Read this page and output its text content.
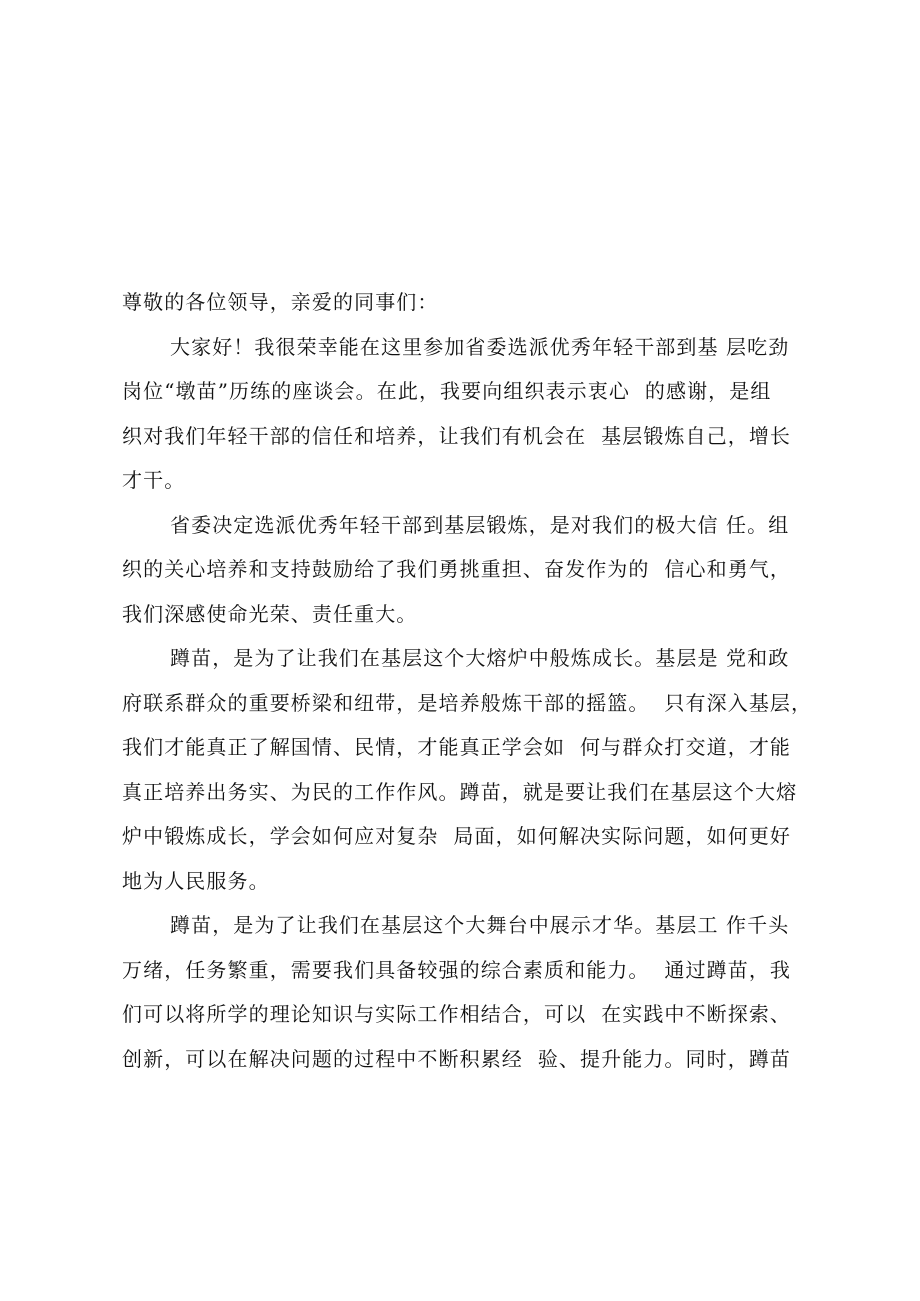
尊敬的各位领导，亲爱的同事们：
大家好！我很荣幸能在这里参加省委选派优秀年轻干部到基 层吃劲
岗位“墩苗”历练的座谈会。在此，我要向组织表示衷心  的感谢，是组
织对我们年轻干部的信任和培养，让我们有机会在  基层锻炼自己，增长
才干。
省委决定选派优秀年轻干部到基层锻炼，是对我们的极大信 任。组
织的关心培养和支持鼓励给了我们勇挑重担、奋发作为的  信心和勇气，
我们深感使命光荣、责任重大。
蹲苗，是为了让我们在基层这个大熔炉中般炼成长。基层是 党和政
府联系群众的重要桥梁和纽带，是培养般炼干部的摇篮。  只有深入基层，
我们才能真正了解国情、民情，才能真正学会如  何与群众打交道，才能
真正培养出务实、为民的工作作风。蹲苗，就是要让我们在基层这个大熔
炉中锻炼成长，学会如何应对复杂  局面，如何解决实际问题，如何更好
地为人民服务。
蹲苗，是为了让我们在基层这个大舞台中展示才华。基层工 作千头
万绪，任务繁重，需要我们具备较强的综合素质和能力。  通过蹲苗，我
们可以将所学的理论知识与实际工作相结合，可以  在实践中不断探索、
创新，可以在解决问题的过程中不断积累经  验、提升能力。同时，蹲苗
